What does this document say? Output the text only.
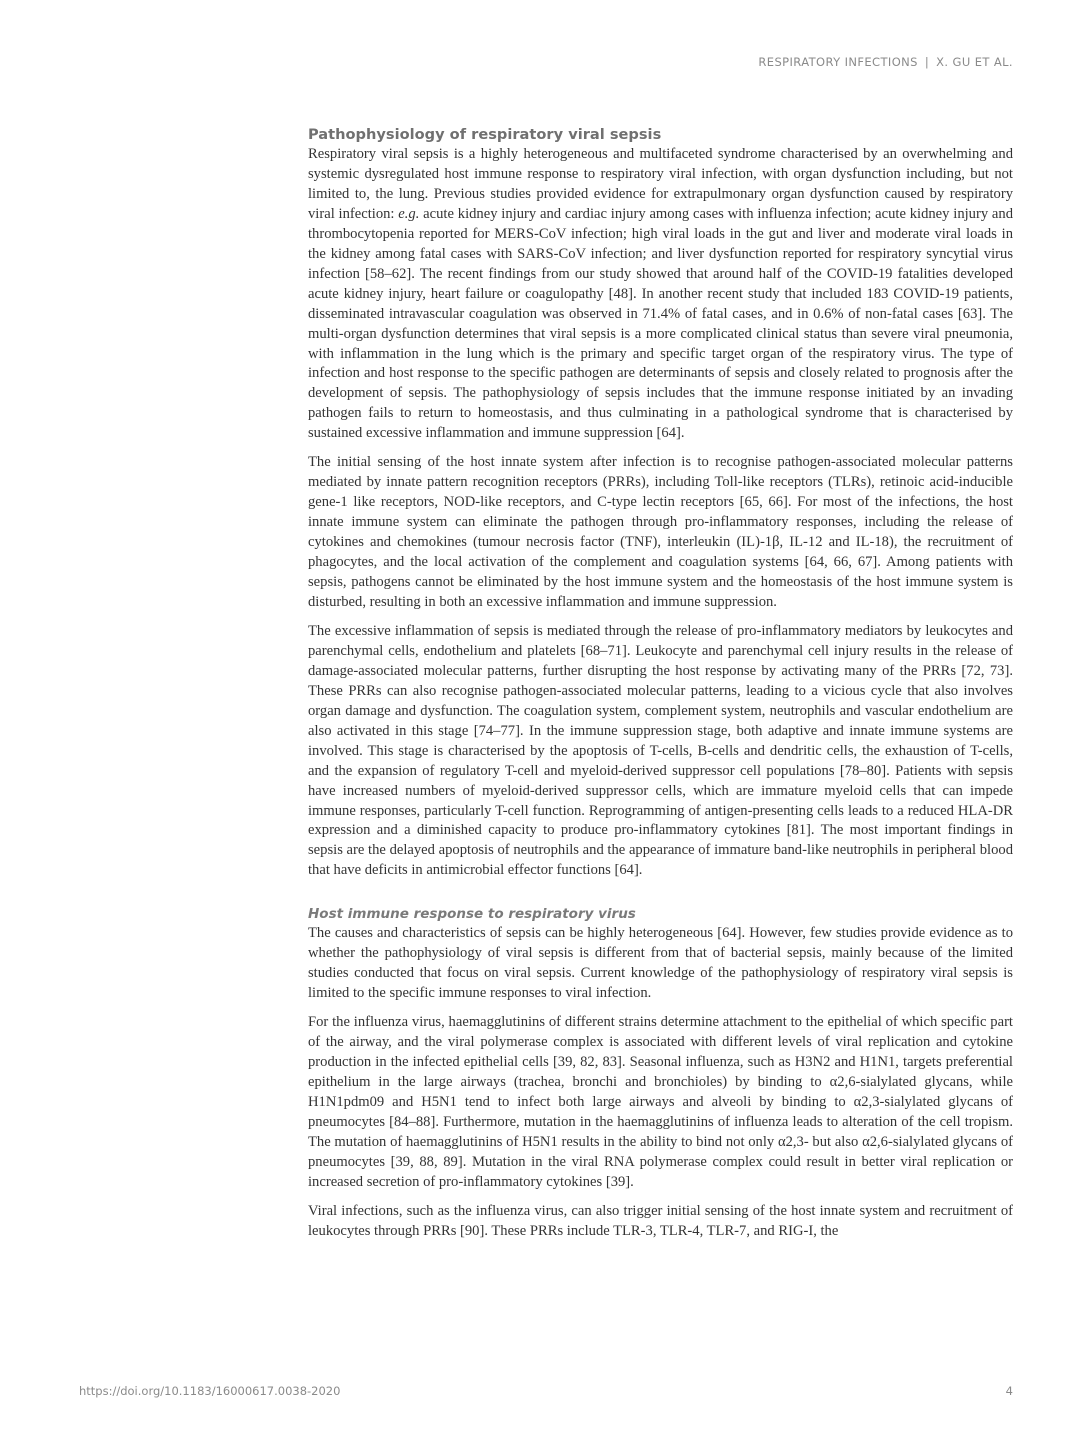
RESPIRATORY INFECTIONS | X. GU ET AL.
Pathophysiology of respiratory viral sepsis

Respiratory viral sepsis is a highly heterogeneous and multifaceted syndrome characterised by an overwhelming and systemic dysregulated host immune response to respiratory viral infection, with organ dysfunction including, but not limited to, the lung. Previous studies provided evidence for extrapulmonary organ dysfunction caused by respiratory viral infection: e.g. acute kidney injury and cardiac injury among cases with influenza infection; acute kidney injury and thrombocytopenia reported for MERS-CoV infection; high viral loads in the gut and liver and moderate viral loads in the kidney among fatal cases with SARS-CoV infection; and liver dysfunction reported for respiratory syncytial virus infection [58–62]. The recent findings from our study showed that around half of the COVID-19 fatalities developed acute kidney injury, heart failure or coagulopathy [48]. In another recent study that included 183 COVID-19 patients, disseminated intravascular coagulation was observed in 71.4% of fatal cases, and in 0.6% of non-fatal cases [63]. The multi-organ dysfunction determines that viral sepsis is a more complicated clinical status than severe viral pneumonia, with inflammation in the lung which is the primary and specific target organ of the respiratory virus. The type of infection and host response to the specific pathogen are determinants of sepsis and closely related to prognosis after the development of sepsis. The pathophysiology of sepsis includes that the immune response initiated by an invading pathogen fails to return to homeostasis, and thus culminating in a pathological syndrome that is characterised by sustained excessive inflammation and immune suppression [64].

The initial sensing of the host innate system after infection is to recognise pathogen-associated molecular patterns mediated by innate pattern recognition receptors (PRRs), including Toll-like receptors (TLRs), retinoic acid-inducible gene-1 like receptors, NOD-like receptors, and C-type lectin receptors [65, 66]. For most of the infections, the host innate immune system can eliminate the pathogen through pro-inflammatory responses, including the release of cytokines and chemokines (tumour necrosis factor (TNF), interleukin (IL)-1β, IL-12 and IL-18), the recruitment of phagocytes, and the local activation of the complement and coagulation systems [64, 66, 67]. Among patients with sepsis, pathogens cannot be eliminated by the host immune system and the homeostasis of the host immune system is disturbed, resulting in both an excessive inflammation and immune suppression.

The excessive inflammation of sepsis is mediated through the release of pro-inflammatory mediators by leukocytes and parenchymal cells, endothelium and platelets [68–71]. Leukocyte and parenchymal cell injury results in the release of damage-associated molecular patterns, further disrupting the host response by activating many of the PRRs [72, 73]. These PRRs can also recognise pathogen-associated molecular patterns, leading to a vicious cycle that also involves organ damage and dysfunction. The coagulation system, complement system, neutrophils and vascular endothelium are also activated in this stage [74–77]. In the immune suppression stage, both adaptive and innate immune systems are involved. This stage is characterised by the apoptosis of T-cells, B-cells and dendritic cells, the exhaustion of T-cells, and the expansion of regulatory T-cell and myeloid-derived suppressor cell populations [78–80]. Patients with sepsis have increased numbers of myeloid-derived suppressor cells, which are immature myeloid cells that can impede immune responses, particularly T-cell function. Reprogramming of antigen-presenting cells leads to a reduced HLA-DR expression and a diminished capacity to produce pro-inflammatory cytokines [81]. The most important findings in sepsis are the delayed apoptosis of neutrophils and the appearance of immature band-like neutrophils in peripheral blood that have deficits in antimicrobial effector functions [64].

Host immune response to respiratory virus

The causes and characteristics of sepsis can be highly heterogeneous [64]. However, few studies provide evidence as to whether the pathophysiology of viral sepsis is different from that of bacterial sepsis, mainly because of the limited studies conducted that focus on viral sepsis. Current knowledge of the pathophysiology of respiratory viral sepsis is limited to the specific immune responses to viral infection.

For the influenza virus, haemagglutinins of different strains determine attachment to the epithelial of which specific part of the airway, and the viral polymerase complex is associated with different levels of viral replication and cytokine production in the infected epithelial cells [39, 82, 83]. Seasonal influenza, such as H3N2 and H1N1, targets preferential epithelium in the large airways (trachea, bronchi and bronchioles) by binding to α2,6-sialylated glycans, while H1N1pdm09 and H5N1 tend to infect both large airways and alveoli by binding to α2,3-sialylated glycans of pneumocytes [84–88]. Furthermore, mutation in the haemagglutinins of influenza leads to alteration of the cell tropism. The mutation of haemagglutinins of H5N1 results in the ability to bind not only α2,3- but also α2,6-sialylated glycans of pneumocytes [39, 88, 89]. Mutation in the viral RNA polymerase complex could result in better viral replication or increased secretion of pro-inflammatory cytokines [39].

Viral infections, such as the influenza virus, can also trigger initial sensing of the host innate system and recruitment of leukocytes through PRRs [90]. These PRRs include TLR-3, TLR-4, TLR-7, and RIG-I, the

https://doi.org/10.1183/16000617.0038-2020	4
